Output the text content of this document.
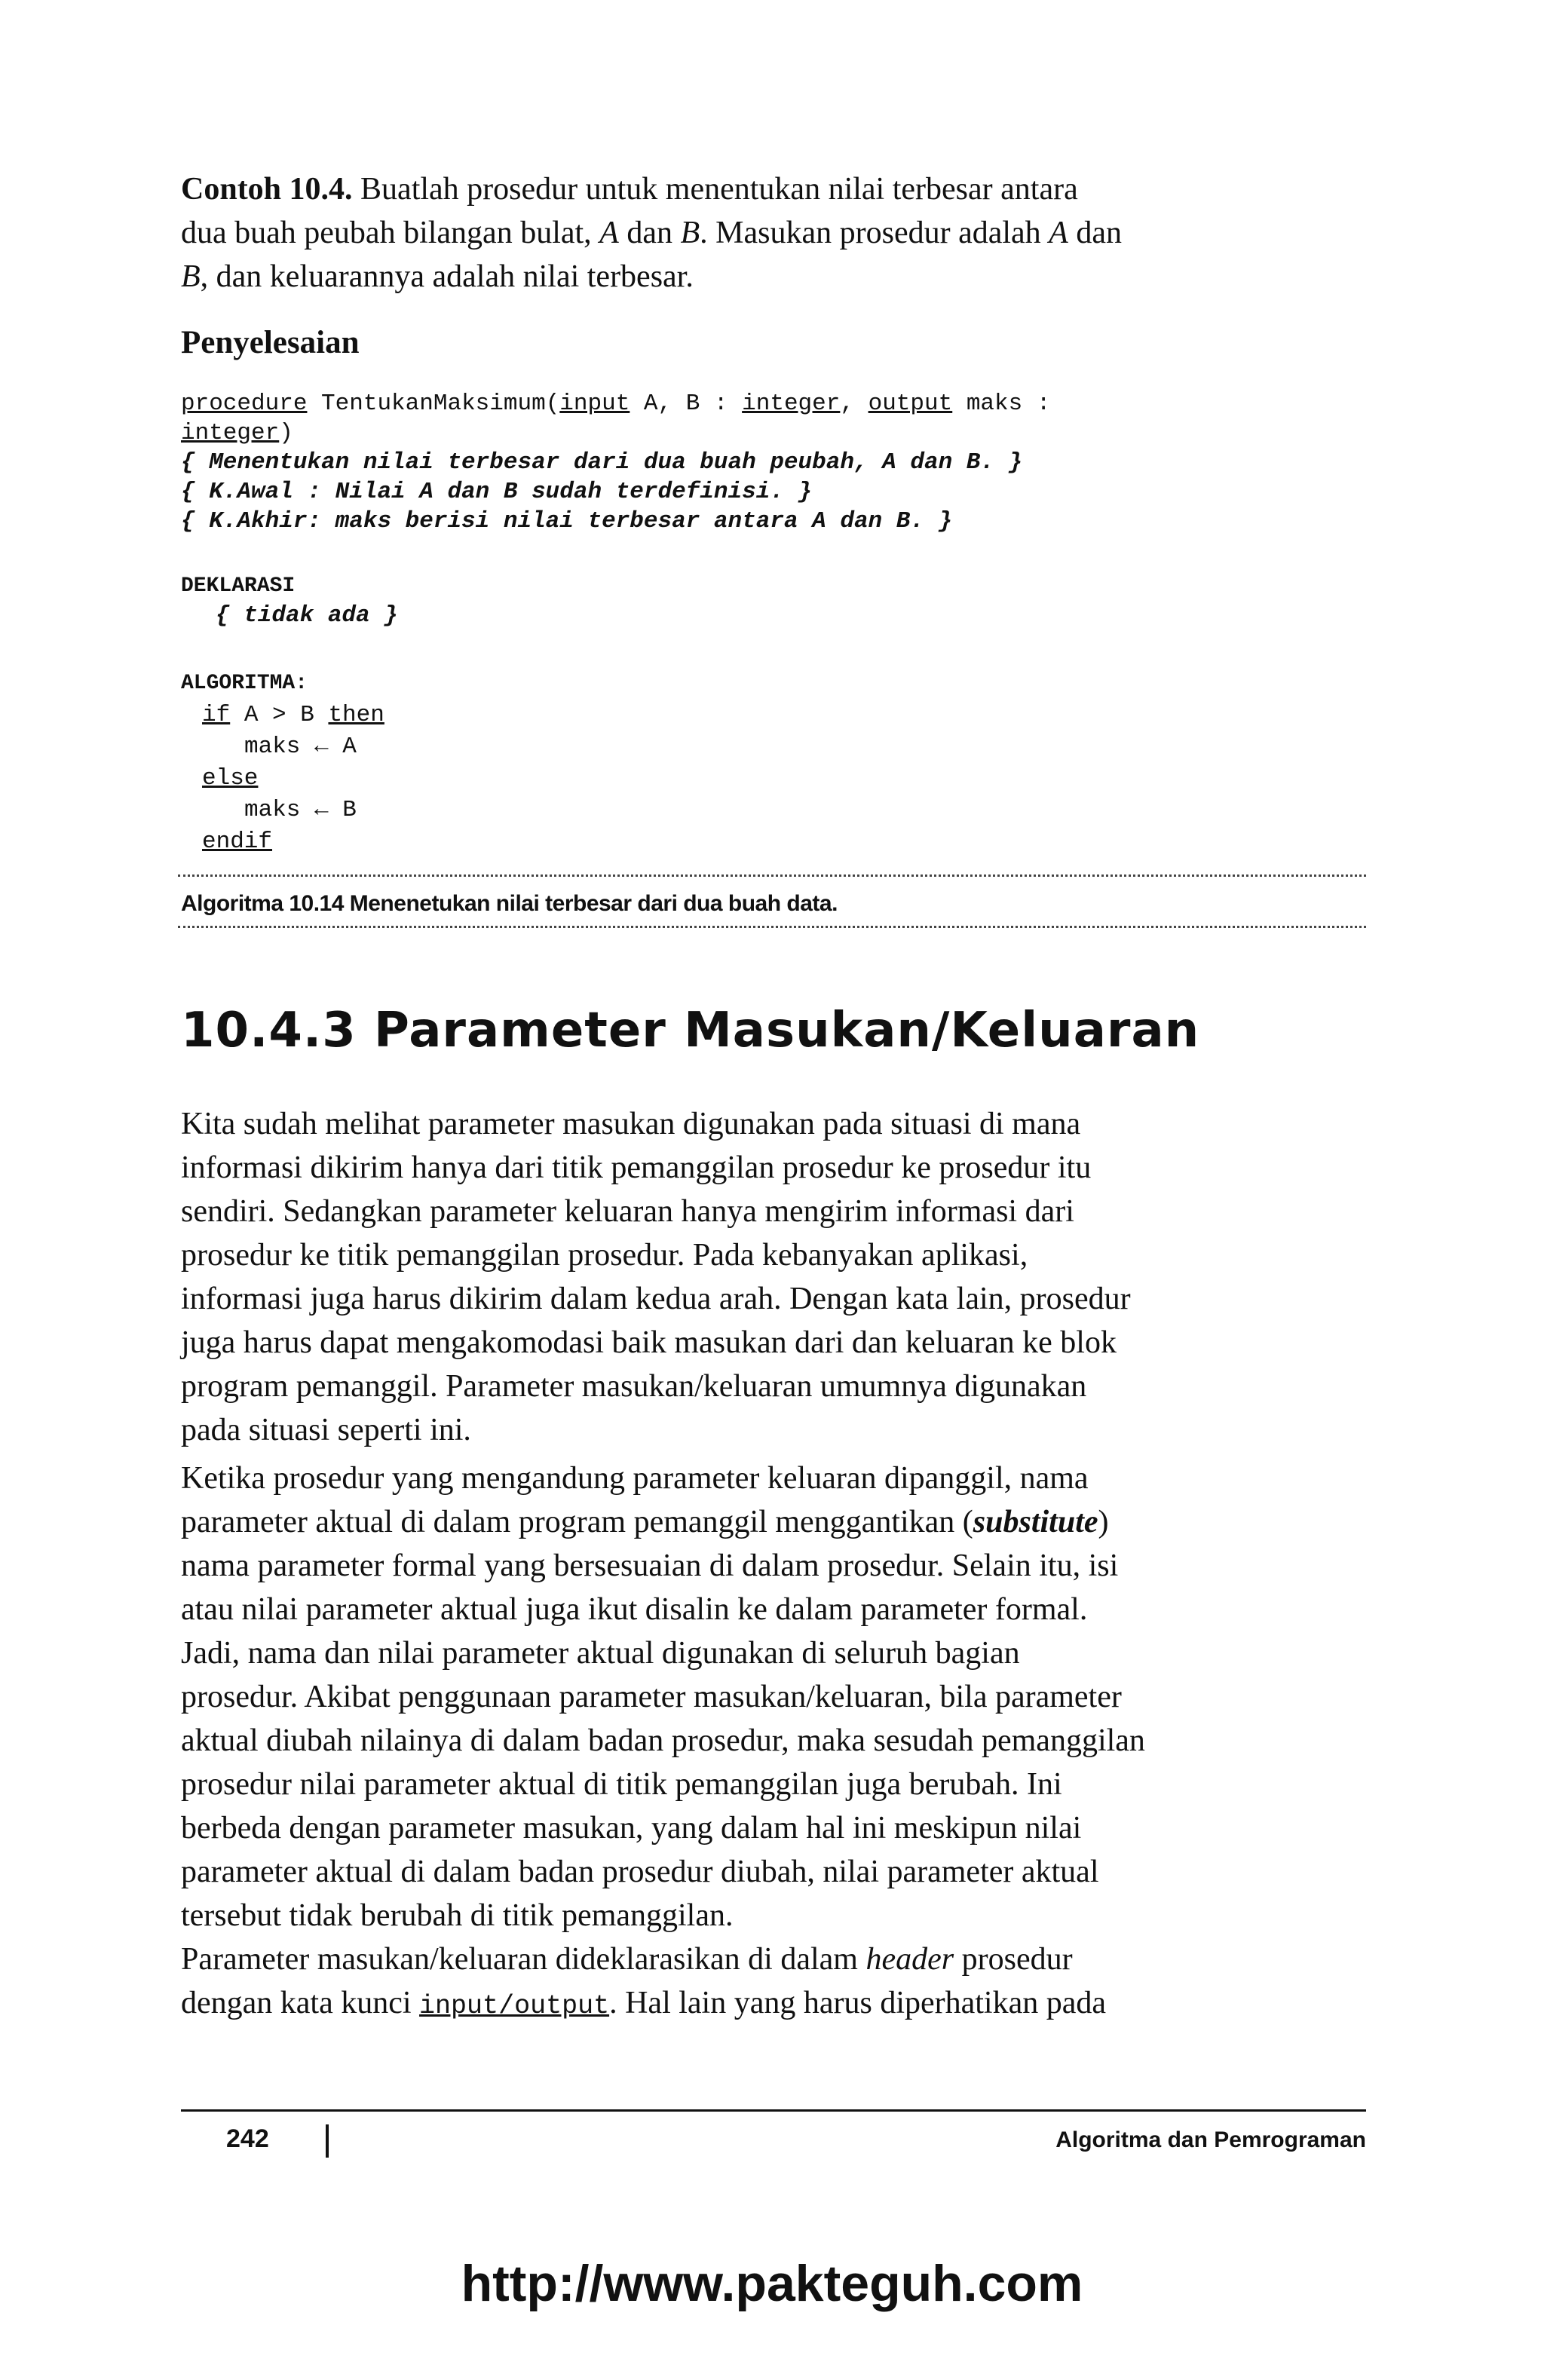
Contoh 10.4. Buatlah prosedur untuk menentukan nilai terbesar antara
dua buah peubah bilangan bulat, A dan B. Masukan prosedur adalah A dan
B, dan keluarannya adalah nilai terbesar.
Penyelesaian
procedure TentukanMaksimum(input A, B : integer, output maks :
integer)
{ Menentukan nilai terbesar dari dua buah peubah, A dan B. }
{ K.Awal : Nilai A dan B sudah terdefinisi. }
{ K.Akhir: maks berisi nilai terbesar antara A dan B. }
DEKLARASI
{ tidak ada }
ALGORITMA:
if A > B then
maks ← A
else
maks ← B
endif
Algoritma 10.14 Menenetukan nilai terbesar dari dua buah data.
10.4.3 Parameter Masukan/Keluaran
Kita sudah melihat parameter masukan digunakan pada situasi di mana
informasi dikirim hanya dari titik pemanggilan prosedur ke prosedur itu
sendiri. Sedangkan parameter keluaran hanya mengirim informasi dari
prosedur ke titik pemanggilan prosedur. Pada kebanyakan aplikasi,
informasi juga harus dikirim dalam kedua arah. Dengan kata lain, prosedur
juga harus dapat mengakomodasi baik masukan dari dan keluaran ke blok
program pemanggil. Parameter masukan/keluaran umumnya digunakan
pada situasi seperti ini.
Ketika prosedur yang mengandung parameter keluaran dipanggil, nama
parameter aktual di dalam program pemanggil menggantikan (substitute)
nama parameter formal yang bersesuaian di dalam prosedur. Selain itu, isi
atau nilai parameter aktual juga ikut disalin ke dalam parameter formal.
Jadi, nama dan nilai parameter aktual digunakan di seluruh bagian
prosedur. Akibat penggunaan parameter masukan/keluaran, bila parameter
aktual diubah nilainya di dalam badan prosedur, maka sesudah pemanggilan
prosedur nilai parameter aktual di titik pemanggilan juga berubah. Ini
berbeda dengan parameter masukan, yang dalam hal ini meskipun nilai
parameter aktual di dalam badan prosedur diubah, nilai parameter aktual
tersebut tidak berubah di titik pemanggilan.
Parameter masukan/keluaran dideklarasikan di dalam header prosedur
dengan kata kunci input/output. Hal lain yang harus diperhatikan pada
242	Algoritma dan Pemrograman
http://www.pakteguh.com
